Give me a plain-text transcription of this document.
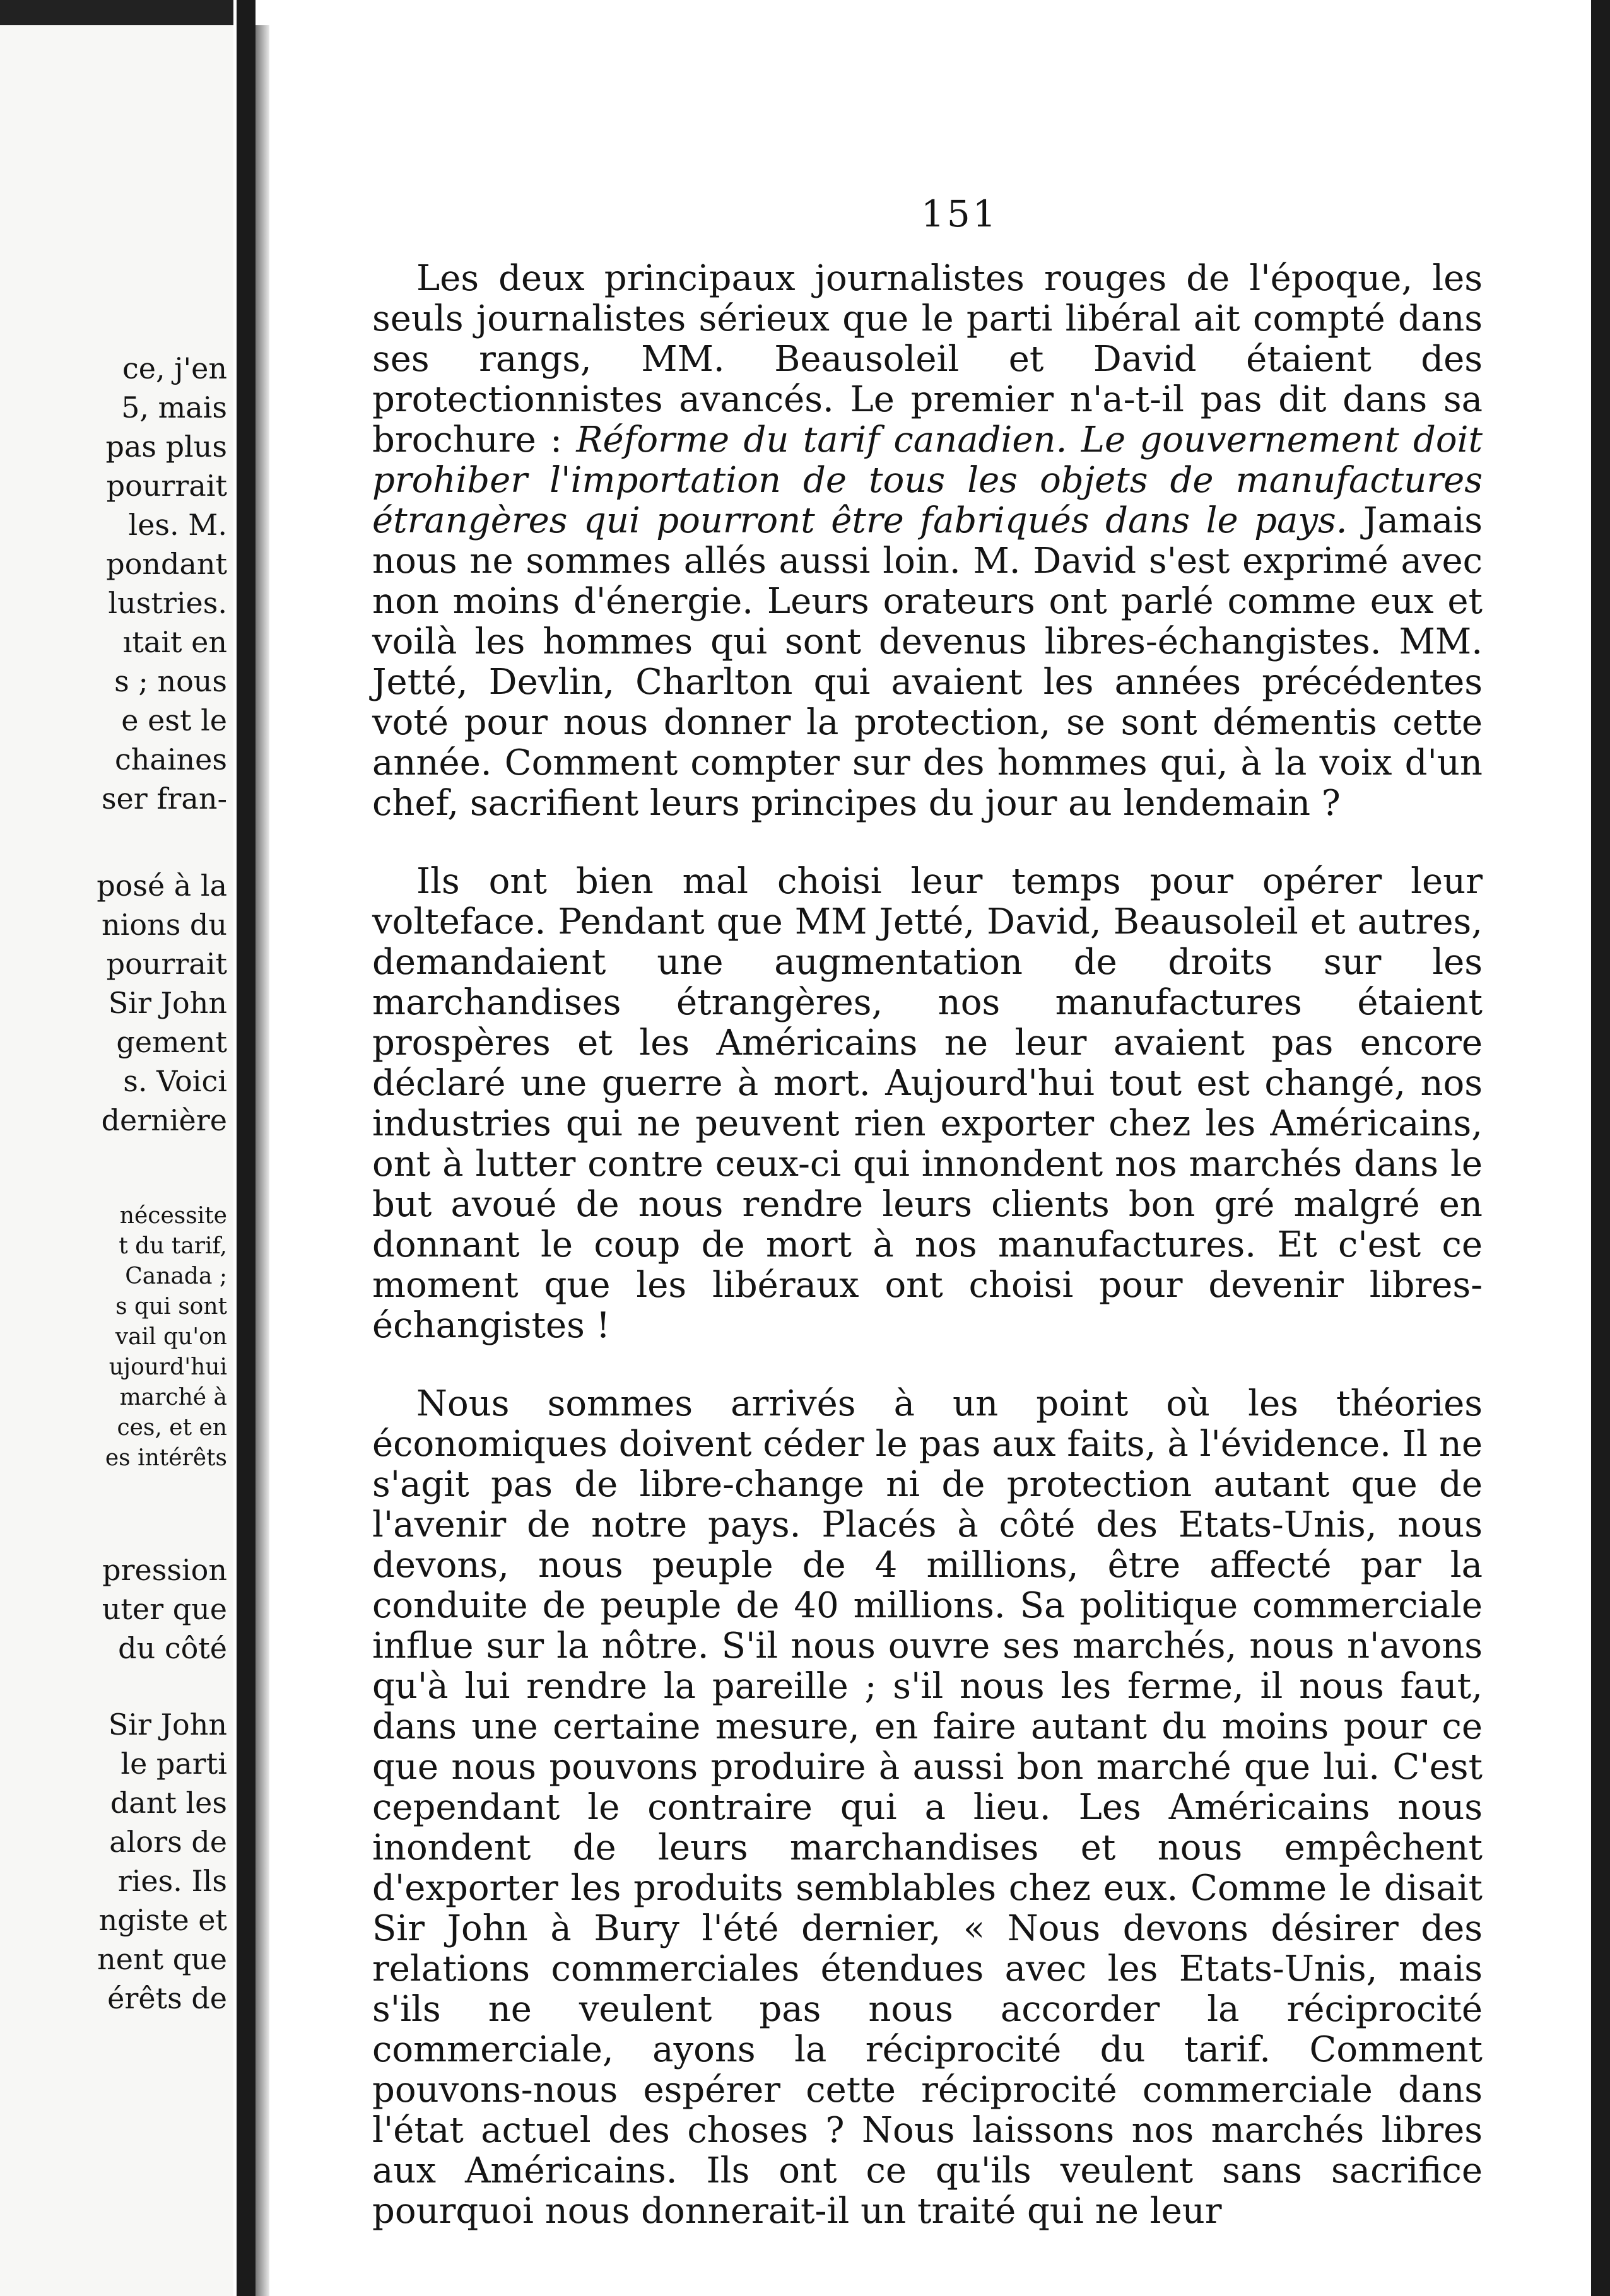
ce, j'en
5, mais
pas plus
pourrait
les. M.
pondant
lustries.
ıtait en
s ; nous
e est le
chaines
ser fran-
posé à la
nions du
pourrait
Sir John
gement
s. Voici
dernière
nécessite
t du tarif,
Canada ;
s qui sont
vail qu'on
ujourd'hui
marché à
ces, et en
es intérêts
pression
uter que
du côté
Sir John
le parti
dant les
alors de
ries. Ils
ngiste et
nent que
érêts de
151

Les deux principaux journalistes rouges de l'époque, les seuls journalistes sérieux que le parti libéral ait compté dans ses rangs, MM. Beausoleil et David étaient des protectionnistes avancés. Le premier n'a-t-il pas dit dans sa brochure : Réforme du tarif canadien. Le gouvernement doit prohiber l'importation de tous les objets de manufactures étrangères qui pourront être fabriqués dans le pays. Jamais nous ne sommes allés aussi loin. M. David s'est exprimé avec non moins d'énergie. Leurs orateurs ont parlé comme eux et voilà les hommes qui sont devenus libres-échangistes. MM. Jetté, Devlin, Charlton qui avaient les années précédentes voté pour nous donner la protection, se sont démentis cette année. Comment compter sur des hommes qui, à la voix d'un chef, sacrifient leurs principes du jour au lendemain ?

Ils ont bien mal choisi leur temps pour opérer leur volteface. Pendant que MM Jetté, David, Beausoleil et autres, demandaient une augmentation de droits sur les marchandises étrangères, nos manufactures étaient prospères et les Américains ne leur avaient pas encore déclaré une guerre à mort. Aujourd'hui tout est changé, nos industries qui ne peuvent rien exporter chez les Américains, ont à lutter contre ceux-ci qui innondent nos marchés dans le but avoué de nous rendre leurs clients bon gré malgré en donnant le coup de mort à nos manufactures. Et c'est ce moment que les libéraux ont choisi pour devenir libres-échangistes !

Nous sommes arrivés à un point où les théories économiques doivent céder le pas aux faits, à l'évidence. Il ne s'agit pas de libre-change ni de protection autant que de l'avenir de notre pays. Placés à côté des Etats-Unis, nous devons, nous peuple de 4 millions, être affecté par la conduite de peuple de 40 millions. Sa politique commerciale influe sur la nôtre. S'il nous ouvre ses marchés, nous n'avons qu'à lui rendre la pareille ; s'il nous les ferme, il nous faut, dans une certaine mesure, en faire autant du moins pour ce que nous pouvons produire à aussi bon marché que lui. C'est cependant le contraire qui a lieu. Les Américains nous inondent de leurs marchandises et nous empêchent d'exporter les produits semblables chez eux. Comme le disait Sir John à Bury l'été dernier, « Nous devons désirer des relations commerciales étendues avec les Etats-Unis, mais s'ils ne veulent pas nous accorder la réciprocité commerciale, ayons la réciprocité du tarif. Comment pouvons-nous espérer cette réciprocité commerciale dans l'état actuel des choses ? Nous laissons nos marchés libres aux Américains. Ils ont ce qu'ils veulent sans sacrifice pourquoi nous donnerait-il un traité qui ne leur
